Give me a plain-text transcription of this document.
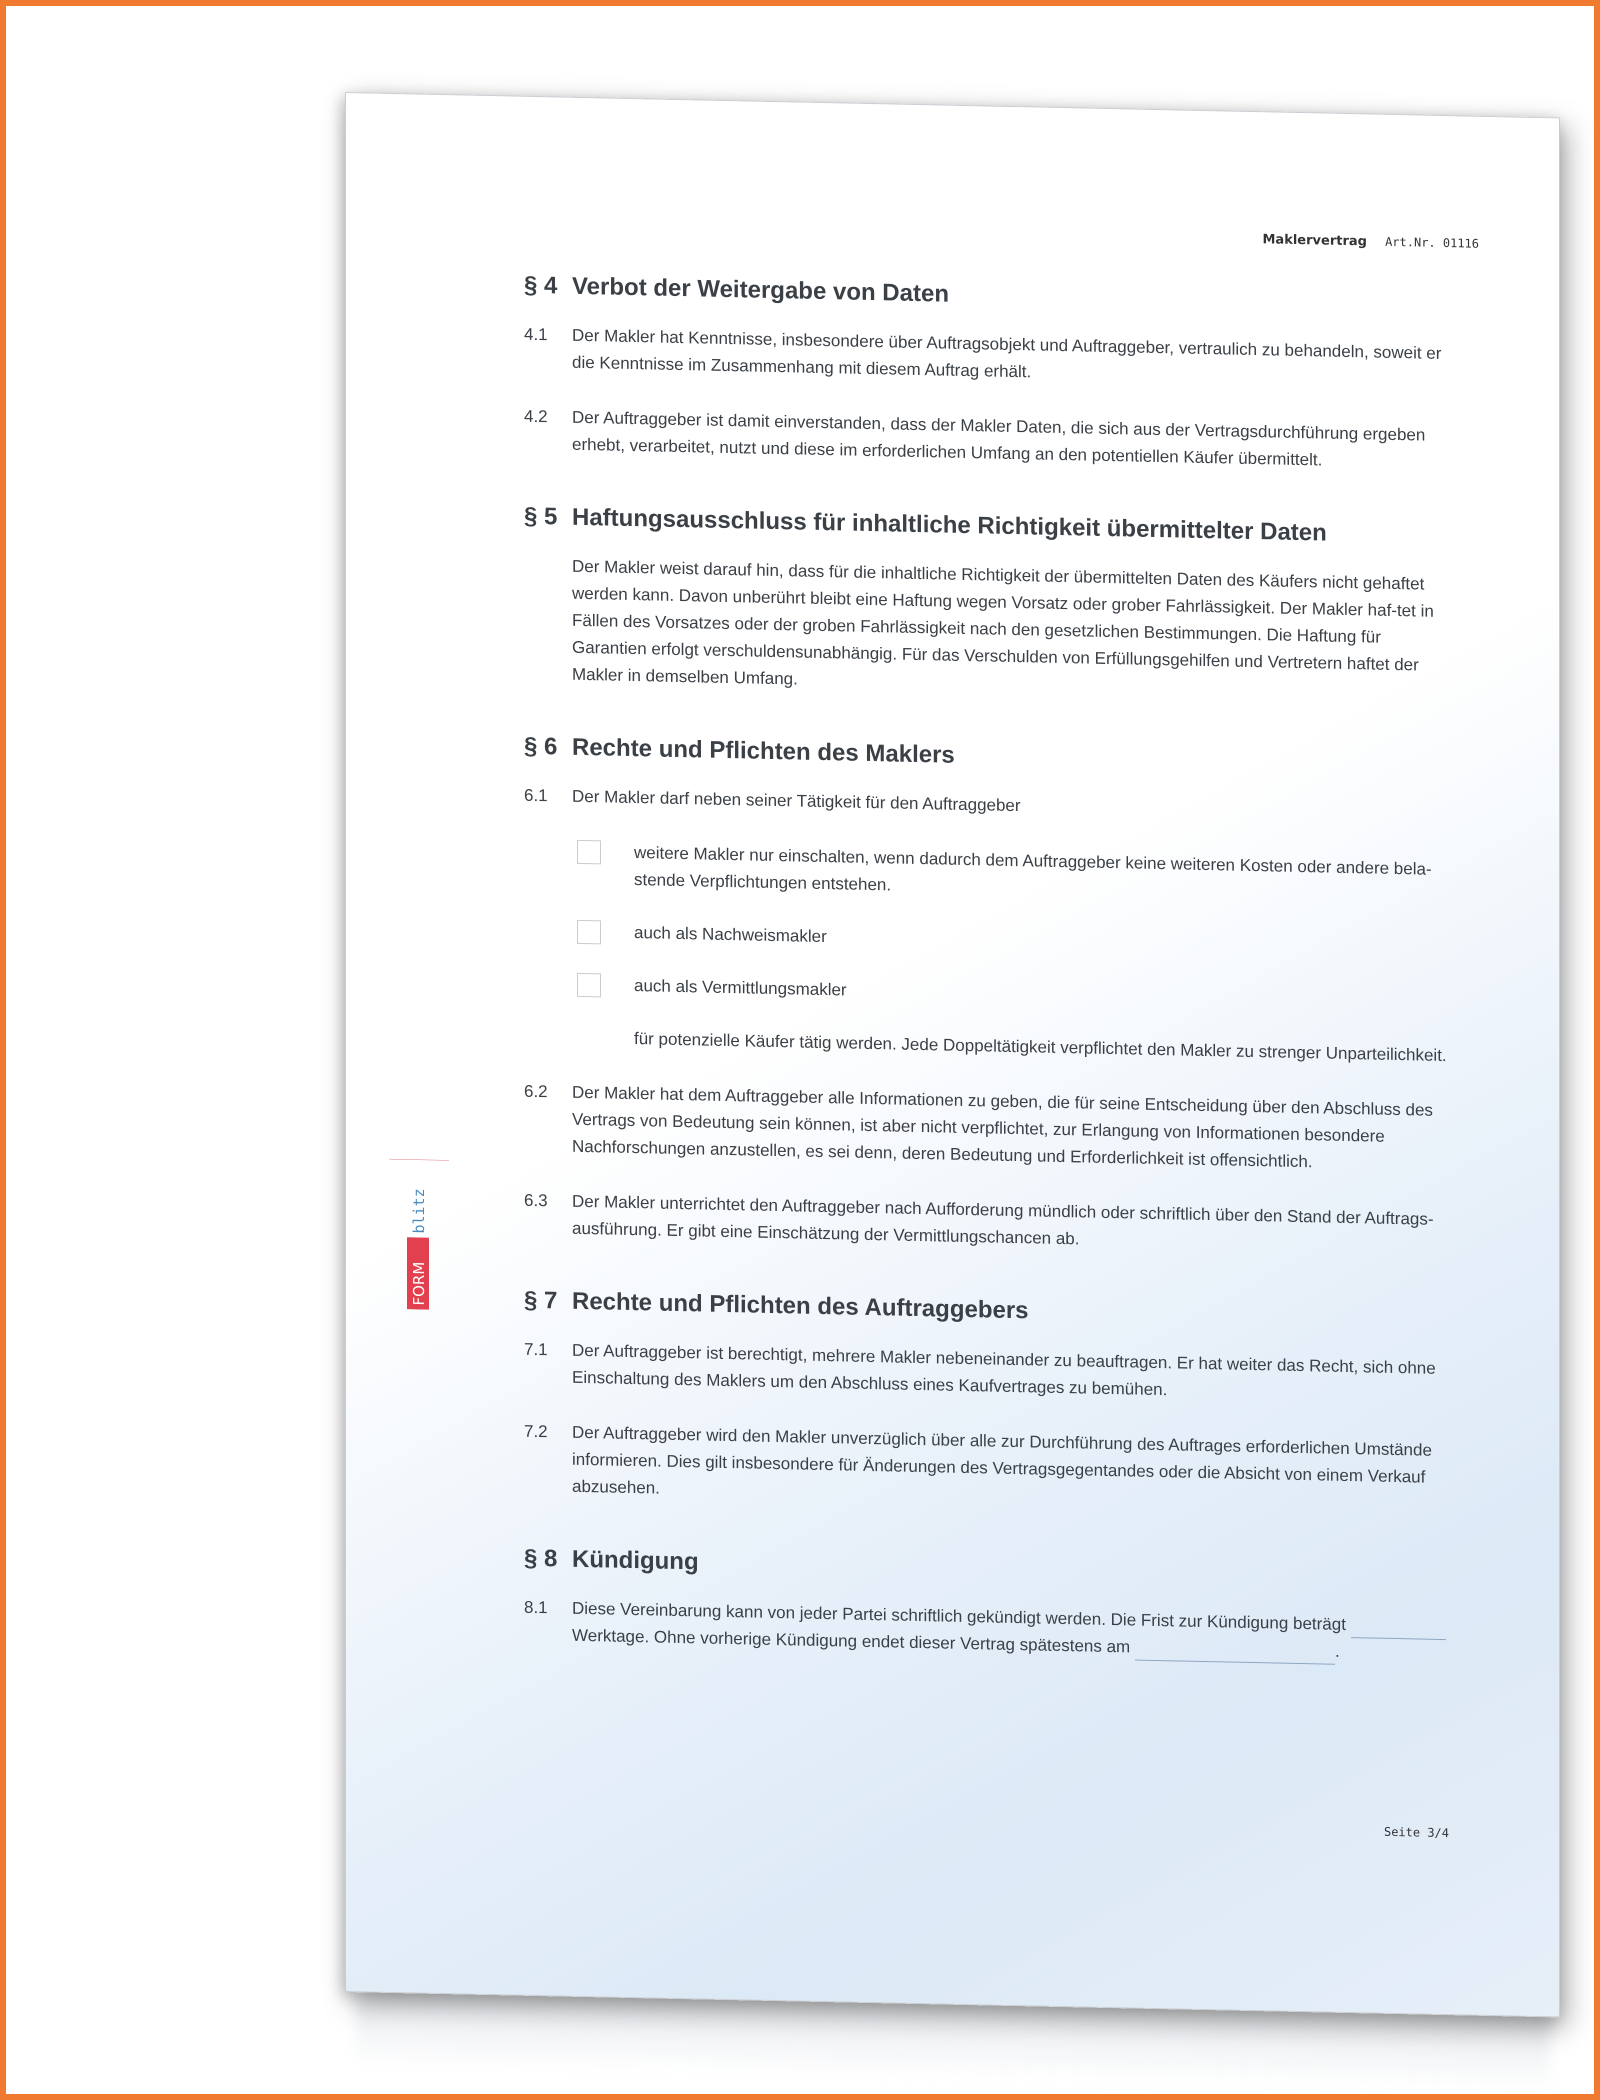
Maklervertrag Art.Nr. 01116
FORM
blitz
§ 4 Verbot der Weitergabe von Daten
4.1 Der Makler hat Kenntnisse, insbesondere über Auftragsobjekt und Auftraggeber, vertraulich zu behandeln, soweit er die Kenntnisse im Zusammenhang mit diesem Auftrag erhält.
4.2 Der Auftraggeber ist damit einverstanden, dass der Makler Daten, die sich aus der Vertragsdurchführung ergeben erhebt, verarbeitet, nutzt und diese im erforderlichen Umfang an den potentiellen Käufer übermittelt.
§ 5 Haftungsausschluss für inhaltliche Richtigkeit übermittelter Daten
Der Makler weist darauf hin, dass für die inhaltliche Richtigkeit der übermittelten Daten des Käufers nicht gehaftet werden kann. Davon unberührt bleibt eine Haftung wegen Vorsatz oder grober Fahrlässigkeit. Der Makler haf-tet in Fällen des Vorsatzes oder der groben Fahrlässigkeit nach den gesetzlichen Bestimmungen. Die Haftung für Garantien erfolgt verschuldensunabhängig. Für das Verschulden von Erfüllungsgehilfen und Vertretern haftet der Makler in demselben Umfang.
§ 6 Rechte und Pflichten des Maklers
6.1 Der Makler darf neben seiner Tätigkeit für den Auftraggeber
weitere Makler nur einschalten, wenn dadurch dem Auftraggeber keine weiteren Kosten oder andere bela-stende Verpflichtungen entstehen.
auch als Nachweismakler
auch als Vermittlungsmakler
für potenzielle Käufer tätig werden. Jede Doppeltätigkeit verpflichtet den Makler zu strenger Unparteilichkeit.
6.2 Der Makler hat dem Auftraggeber alle Informationen zu geben, die für seine Entscheidung über den Abschluss des Vertrags von Bedeutung sein können, ist aber nicht verpflichtet, zur Erlangung von Informationen besondere Nachforschungen anzustellen, es sei denn, deren Bedeutung und Erforderlichkeit ist offensichtlich.
6.3 Der Makler unterrichtet den Auftraggeber nach Aufforderung mündlich oder schriftlich über den Stand der Auftrags-ausführung. Er gibt eine Einschätzung der Vermittlungschancen ab.
§ 7 Rechte und Pflichten des Auftraggebers
7.1 Der Auftraggeber ist berechtigt, mehrere Makler nebeneinander zu beauftragen. Er hat weiter das Recht, sich ohne Einschaltung des Maklers um den Abschluss eines Kaufvertrages zu bemühen.
7.2 Der Auftraggeber wird den Makler unverzüglich über alle zur Durchführung des Auftrages erforderlichen Umstände informieren. Dies gilt insbesondere für Änderungen des Vertragsgegentandes oder die Absicht von einem Verkauf abzusehen.
§ 8 Kündigung
8.1 Diese Vereinbarung kann von jeder Partei schriftlich gekündigt werden. Die Frist zur Kündigung beträgt  Werktage. Ohne vorherige Kündigung endet dieser Vertrag spätestens am	.
Seite 3/4
